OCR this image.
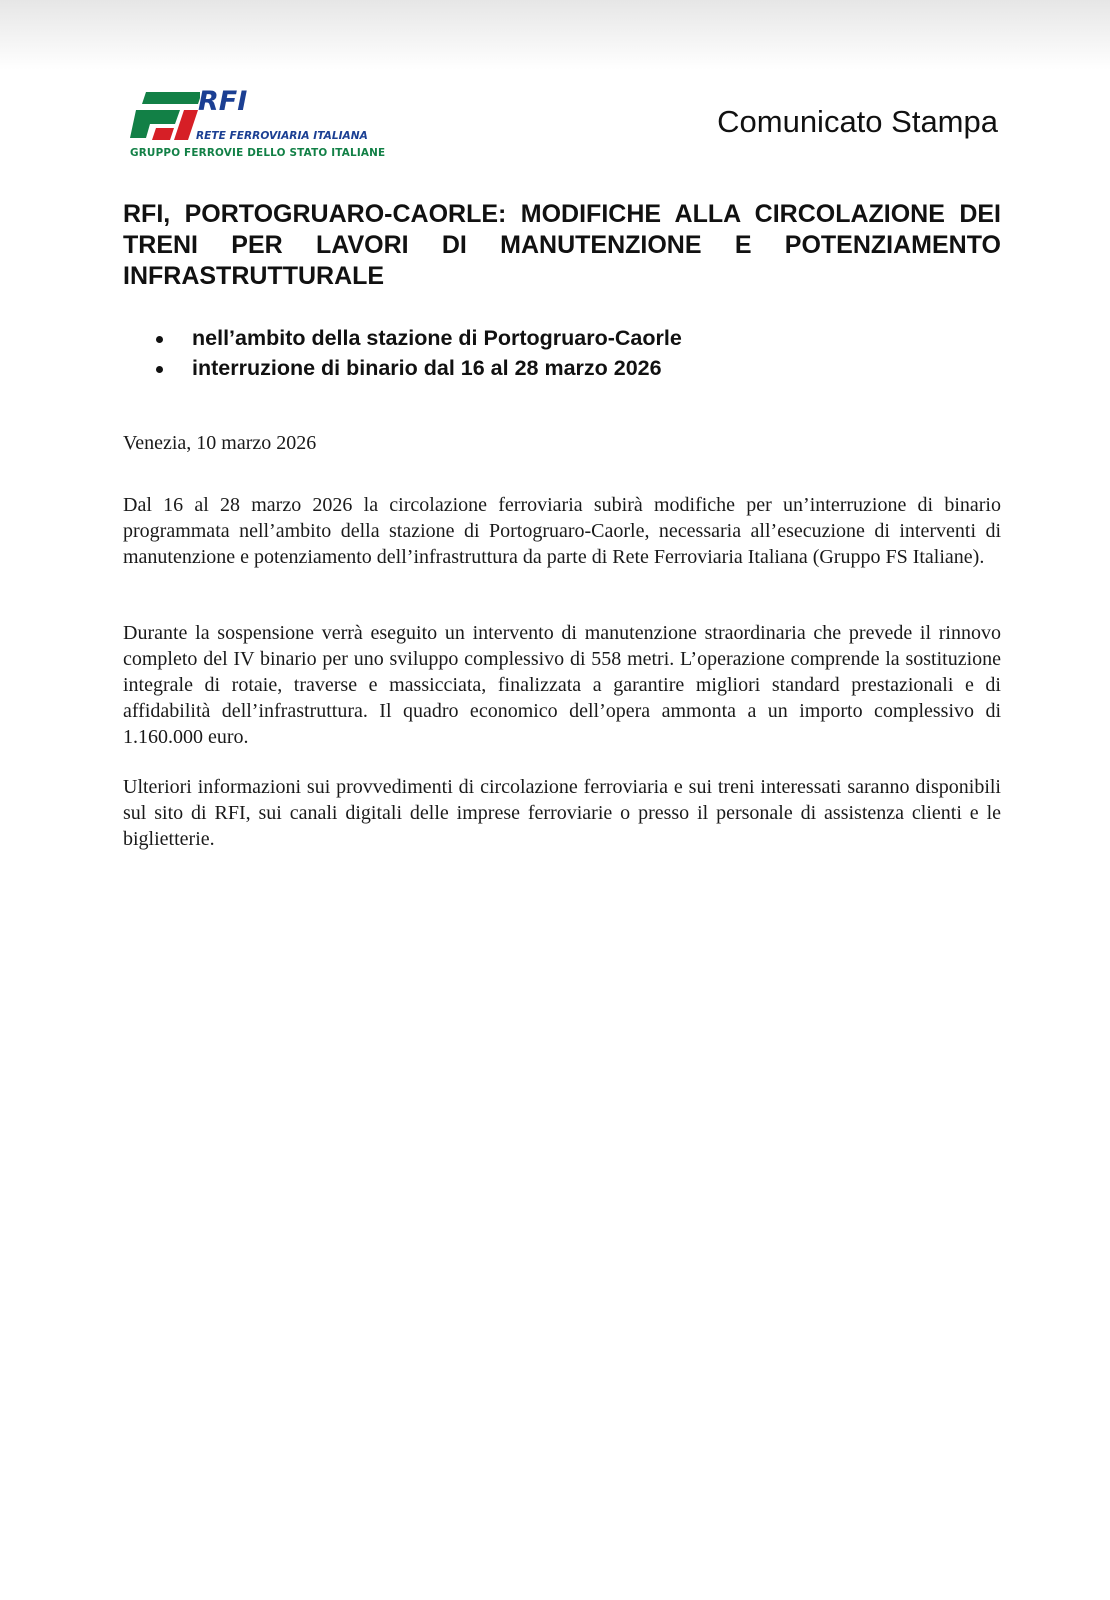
RFI
RETE FERROVIARIA ITALIANA
GRUPPO FERROVIE DELLO STATO ITALIANE
Comunicato Stampa
RFI, PORTOGRUARO-CAORLE: MODIFICHE ALLA CIRCOLAZIONE DEI TRENI PER LAVORI DI MANUTENZIONE E POTENZIAMENTO INFRASTRUTTURALE
nell’ambito della stazione di Portogruaro-Caorle
interruzione di binario dal 16 al 28 marzo 2026
Venezia, 10 marzo 2026

Dal 16 al 28 marzo 2026 la circolazione ferroviaria subirà modifiche per un’interruzione di binario programmata nell’ambito della stazione di Portogruaro-Caorle, necessaria all’esecuzione di interventi di manutenzione e potenziamento dell’infrastruttura da parte di Rete Ferroviaria Italiana (Gruppo FS Italiane).

Durante la sospensione verrà eseguito un intervento di manutenzione straordinaria che prevede il rinnovo completo del IV binario per uno sviluppo complessivo di 558 metri. L’operazione comprende la sostituzione integrale di rotaie, traverse e massicciata, finalizzata a garantire migliori standard prestazionali e di affidabilità dell’infrastruttura. Il quadro economico dell’opera ammonta a un importo complessivo di 1.160.000 euro.

Ulteriori informazioni sui provvedimenti di circolazione ferroviaria e sui treni interessati saranno disponibili sul sito di RFI, sui canali digitali delle imprese ferroviarie o presso il personale di assistenza clienti e le biglietterie.
